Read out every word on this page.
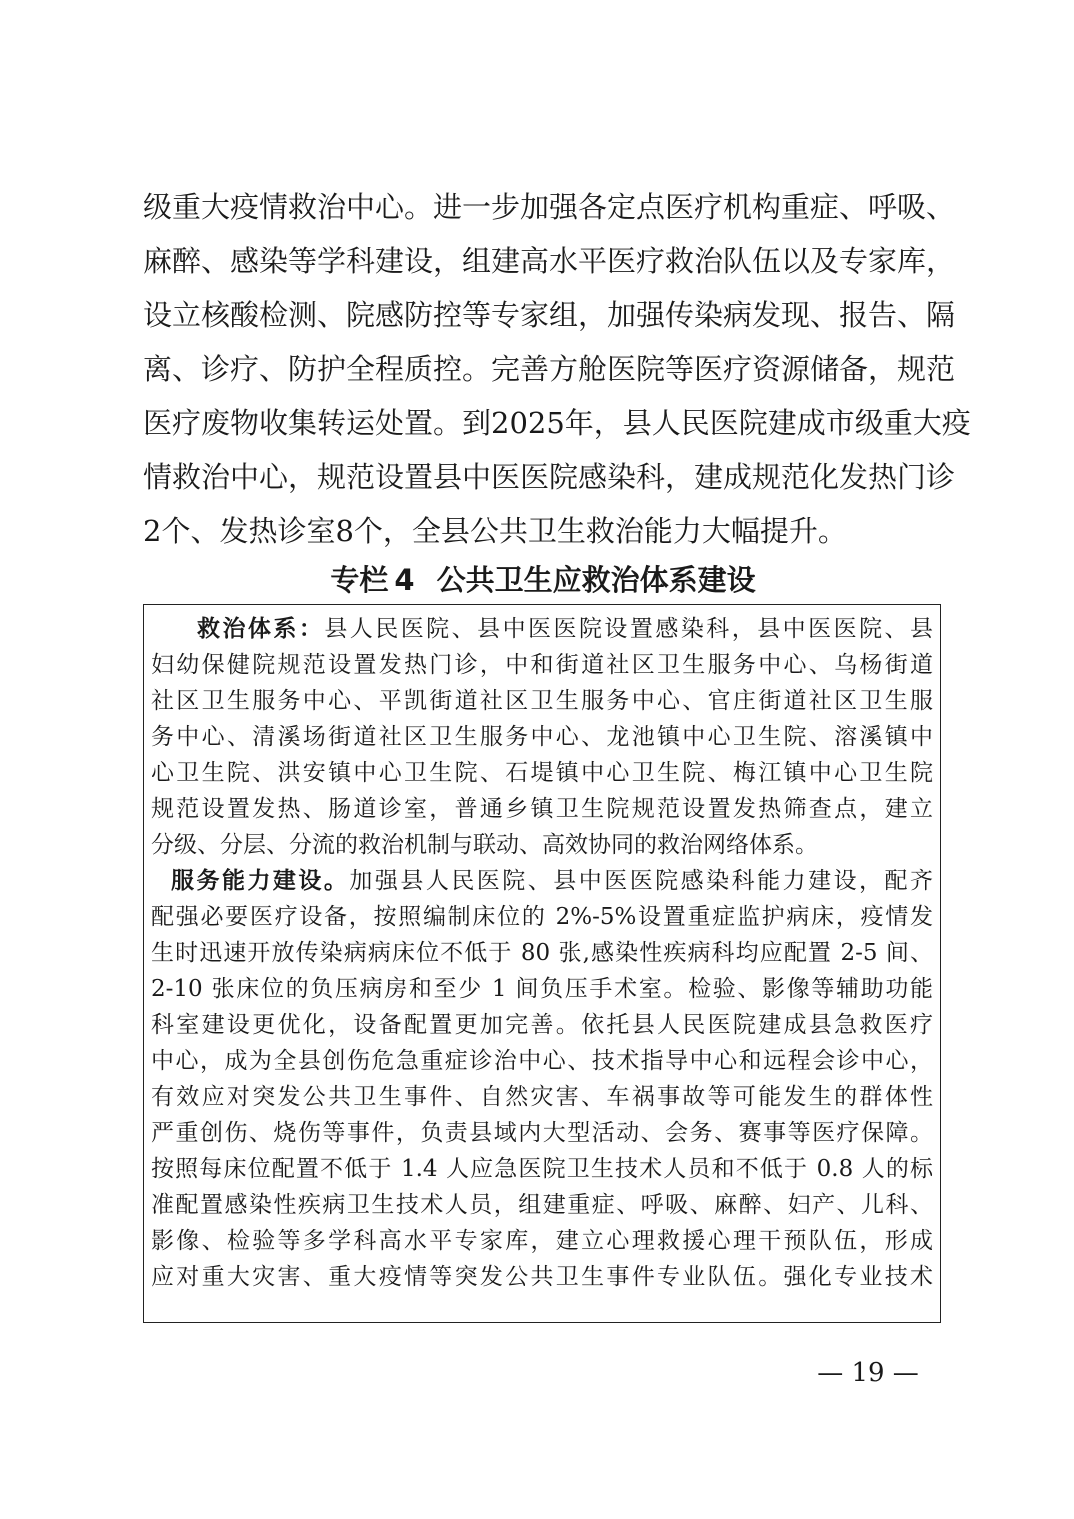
级重大疫情救治中心。进一步加强各定点医疗机构重症、呼吸、
麻醉、感染等学科建设，组建高水平医疗救治队伍以及专家库，
设立核酸检测、院感防控等专家组，加强传染病发现、报告、隔
离、诊疗、防护全程质控。完善方舱医院等医疗资源储备，规范
医疗废物收集转运处置。到2025年，县人民医院建成市级重大疫
情救治中心，规范设置县中医医院感染科，建成规范化发热门诊
2个、发热诊室8个，全县公共卫生救治能力大幅提升。
专栏 4 公共卫生应救治体系建设
救治体系：县人民医院、县中医医院设置感染科，县中医医院、县
妇幼保健院规范设置发热门诊，中和街道社区卫生服务中心、乌杨街道
社区卫生服务中心、平凯街道社区卫生服务中心、官庄街道社区卫生服
务中心、清溪场街道社区卫生服务中心、龙池镇中心卫生院、溶溪镇中
心卫生院、洪安镇中心卫生院、石堤镇中心卫生院、梅江镇中心卫生院
规范设置发热、肠道诊室，普通乡镇卫生院规范设置发热筛查点，建立
分级、分层、分流的救治机制与联动、高效协同的救治网络体系。
服务能力建设。加强县人民医院、县中医医院感染科能力建设，配齐
配强必要医疗设备，按照编制床位的 2%-5%设置重症监护病床，疫情发
生时迅速开放传染病病床位不低于 80 张,感染性疾病科均应配置 2-5 间、
2-10 张床位的负压病房和至少 1 间负压手术室。检验、影像等辅助功能
科室建设更优化，设备配置更加完善。依托县人民医院建成县急救医疗
中心，成为全县创伤危急重症诊治中心、技术指导中心和远程会诊中心，
有效应对突发公共卫生事件、自然灾害、车祸事故等可能发生的群体性
严重创伤、烧伤等事件，负责县域内大型活动、会务、赛事等医疗保障。
按照每床位配置不低于 1.4 人应急医院卫生技术人员和不低于 0.8 人的标
准配置感染性疾病卫生技术人员，组建重症、呼吸、麻醉、妇产、儿科、
影像、检验等多学科高水平专家库，建立心理救援心理干预队伍，形成
应对重大灾害、重大疫情等突发公共卫生事件专业队伍。强化专业技术
— 19 —
